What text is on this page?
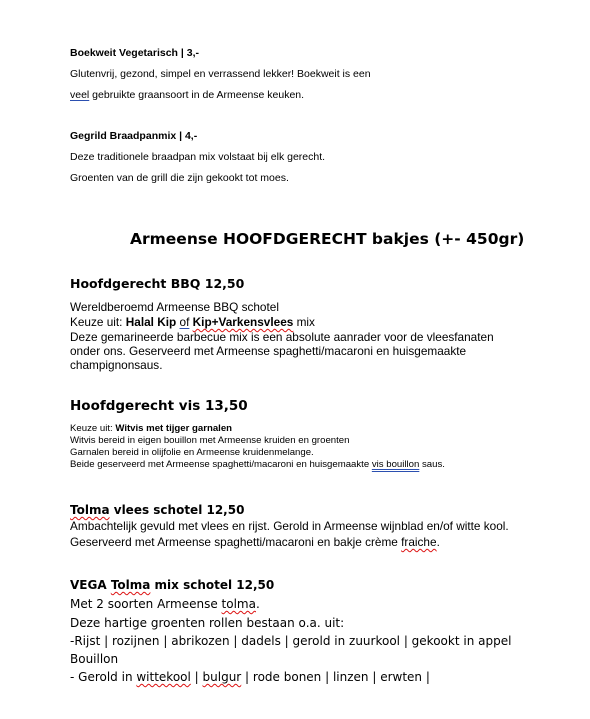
Boekweit Vegetarisch | 3,-
Glutenvrij, gezond, simpel en verrassend lekker! Boekweit is een
veel gebruikte graansoort in de Armeense keuken.
Gegrild Braadpanmix | 4,-
Deze traditionele braadpan mix volstaat bij elk gerecht.
Groenten van de grill die zijn gekookt tot moes.
Armeense HOOFDGERECHT bakjes (+- 450gr)
Hoofdgerecht BBQ 12,50
Wereldberoemd Armeense BBQ schotel
Keuze uit: Halal Kip of Kip+Varkensvlees mix
Deze gemarineerde barbecue mix is een absolute aanrader voor de vleesfanaten
onder ons. Geserveerd met Armeense spaghetti/macaroni en huisgemaakte
champignonsaus.
Hoofdgerecht vis 13,50
Keuze uit: Witvis met tijger garnalen
Witvis bereid in eigen bouillon met Armeense kruiden en groenten
Garnalen bereid in olijfolie en Armeense kruidenmelange.
Beide geserveerd met Armeense spaghetti/macaroni en huisgemaakte vis bouillon saus.
Tolma vlees schotel 12,50
Ambachtelijk gevuld met vlees en rijst. Gerold in Armeense wijnblad en/of witte kool.
Geserveerd met Armeense spaghetti/macaroni en bakje crème fraiche.
VEGA Tolma mix schotel 12,50
Met 2 soorten Armeense tolma.
Deze hartige groenten rollen bestaan o.a. uit:
-Rijst | rozijnen | abrikozen | dadels | gerold in zuurkool | gekookt in appel
Bouillon
- Gerold in wittekool | bulgur | rode bonen | linzen | erwten |
